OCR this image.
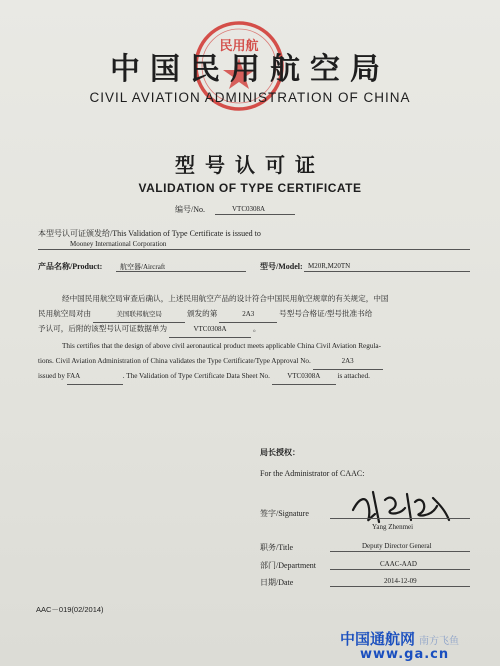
民用航
中国民用航空局
CIVIL AVIATION ADMINISTRATION OF CHINA
型号认可证
VALIDATION OF TYPE CERTIFICATE
编号/No.	VTC0308A
本型号认可证颁发给/This Validation of Type Certificate is issued to
Mooney International Corporation
产品名称/Product:	航空器/Aircraft	型号/Model: M20R,M20TN
经中国民用航空局审查后确认，上述民用航空产品的设计符合中国民用航空规章的有关规定，中国
民用航空局对由	美国联邦航空局	颁发的第	2A3	号型号合格证/型号批准书给
予认可，后附的该型号认可证数据单为	VTC0308A	。
This certifies that the design of above civil aeronautical product meets applicable China Civil Aviation Regula-
tions. Civil Aviation Administration of China validates the Type Certificate/Type Approval No.	2A3
issued by FAA	. The Validation of Type Certificate Data Sheet No. VTC0308A is attached.
局长授权：
For the Administrator of CAAC:
签字/Signature
Yang Zhenmei
职务/Title	Deputy Director General
部门/Department	CAAC-AAD
日期/Date	2014-12-09
AAC－019(02/2014)
中国通航网 南方飞鱼
www.ga.cn
